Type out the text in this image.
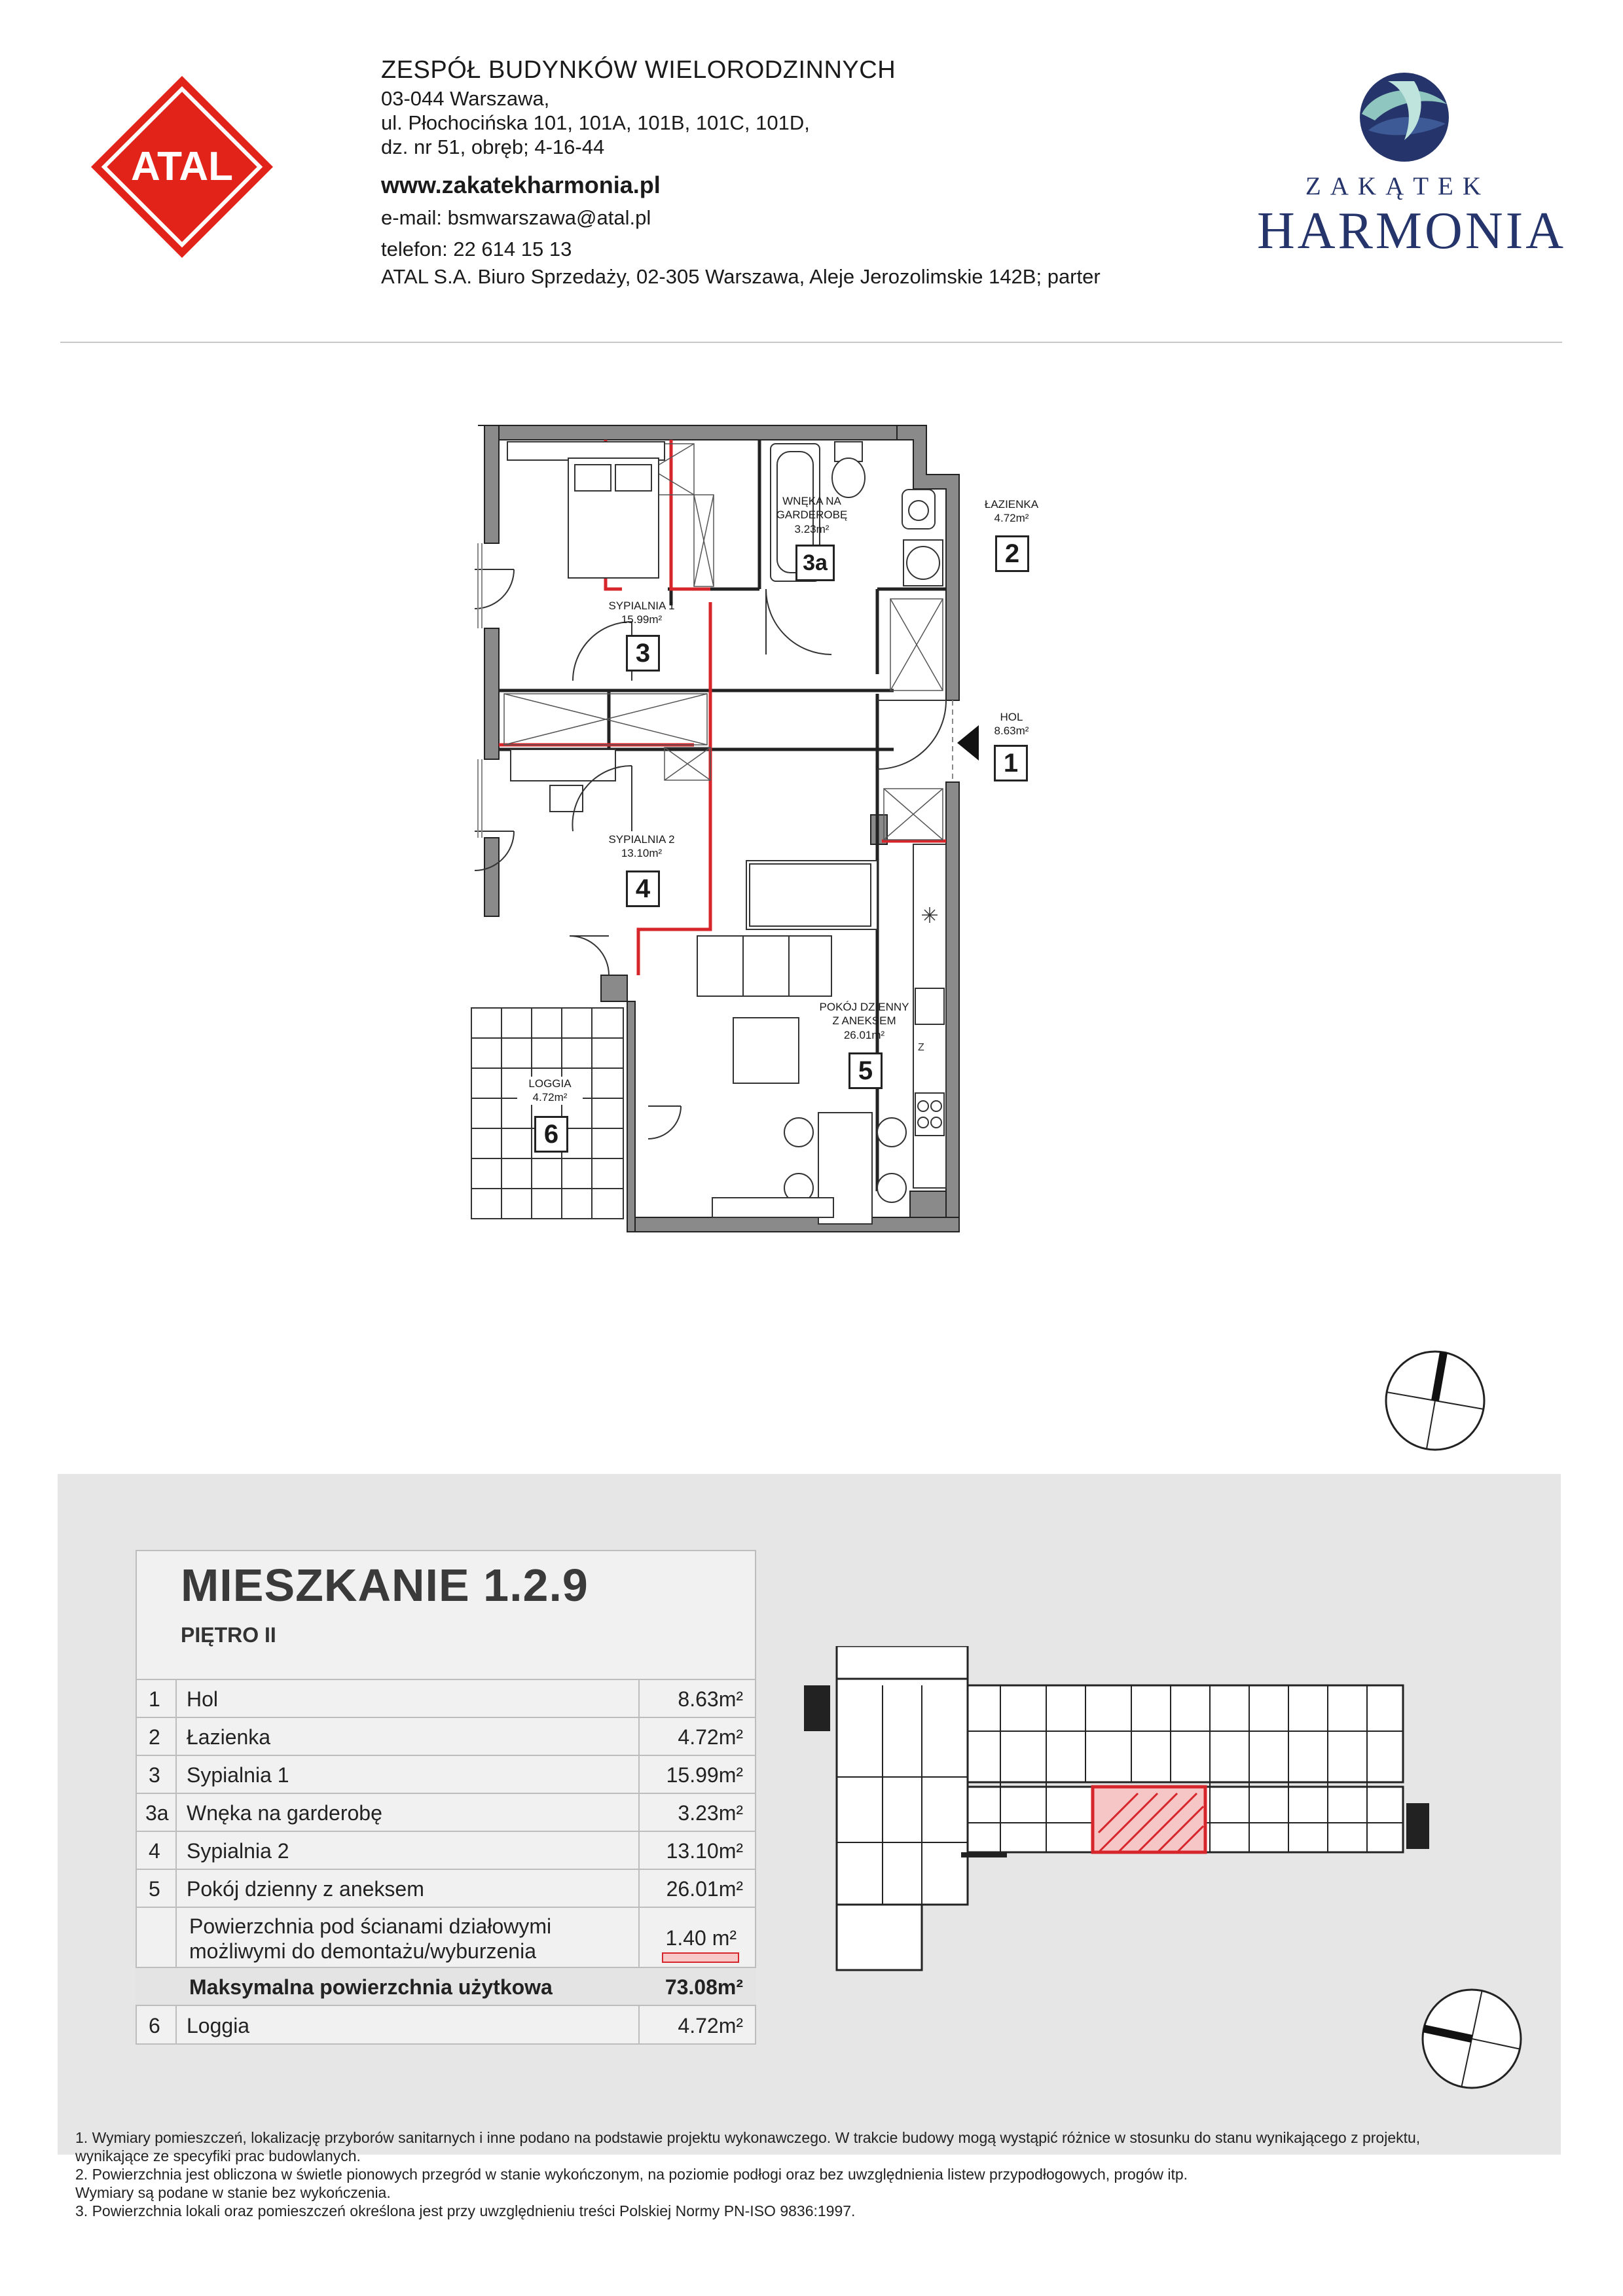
ATAL
ZESPÓŁ BUDYNKÓW WIELORODZINNYCH
03-044 Warszawa,
ul. Płochocińska 101, 101A, 101B, 101C, 101D,
dz. nr 51, obręb; 4-16-44
www.zakatekharmonia.pl
e-mail: bsmwarszawa@atal.pl
telefon: 22 614 15 13
ATAL S.A. Biuro Sprzedaży, 02-305 Warszawa, Aleje Jerozolimskie 142B; parter
ZAKĄTEK
HARMONIA
Z
WNĘKA NA
GARDEROBĘ
3.23m²
3a
ŁAZIENKA
4.72m²
2
SYPIALNIA 1
15.99m²
3
HOL
8.63m²
1
SYPIALNIA 2
13.10m²
4
POKÓJ DZIENNY
Z ANEKSEM
26.01m²
5
LOGGIA
4.72m²
6
MIESZKANIE 1.2.9
PIĘTRO II
1 Hol	8.63m²
2 Łazienka	4.72m²
3 Sypialnia 1	15.99m²
3a Wnęka na garderobę	3.23m²
4 Sypialnia 2	13.10m²
5 Pokój dzienny z aneksem	26.01m²
Powierzchnia pod ścianami działowymi
możliwymi do demontażu/wyburzenia
1.40 m²
Maksymalna powierzchnia użytkowa	73.08m²
6 Loggia	4.72m²
1. Wymiary pomieszczeń, lokalizację przyborów sanitarnych i inne podano na podstawie projektu wykonawczego. W trakcie budowy mogą wystąpić różnice w stosunku do stanu wynikającego z projektu,
wynikające ze specyfiki prac budowlanych.
2. Powierzchnia jest obliczona w świetle pionowych przegród w stanie wykończonym, na poziomie podłogi oraz bez uwzględnienia listew przypodłogowych, progów itp.
Wymiary są podane w stanie bez wykończenia.
3. Powierzchnia lokali oraz pomieszczeń określona jest przy uwzględnieniu treści Polskiej Normy PN-ISO 9836:1997.
